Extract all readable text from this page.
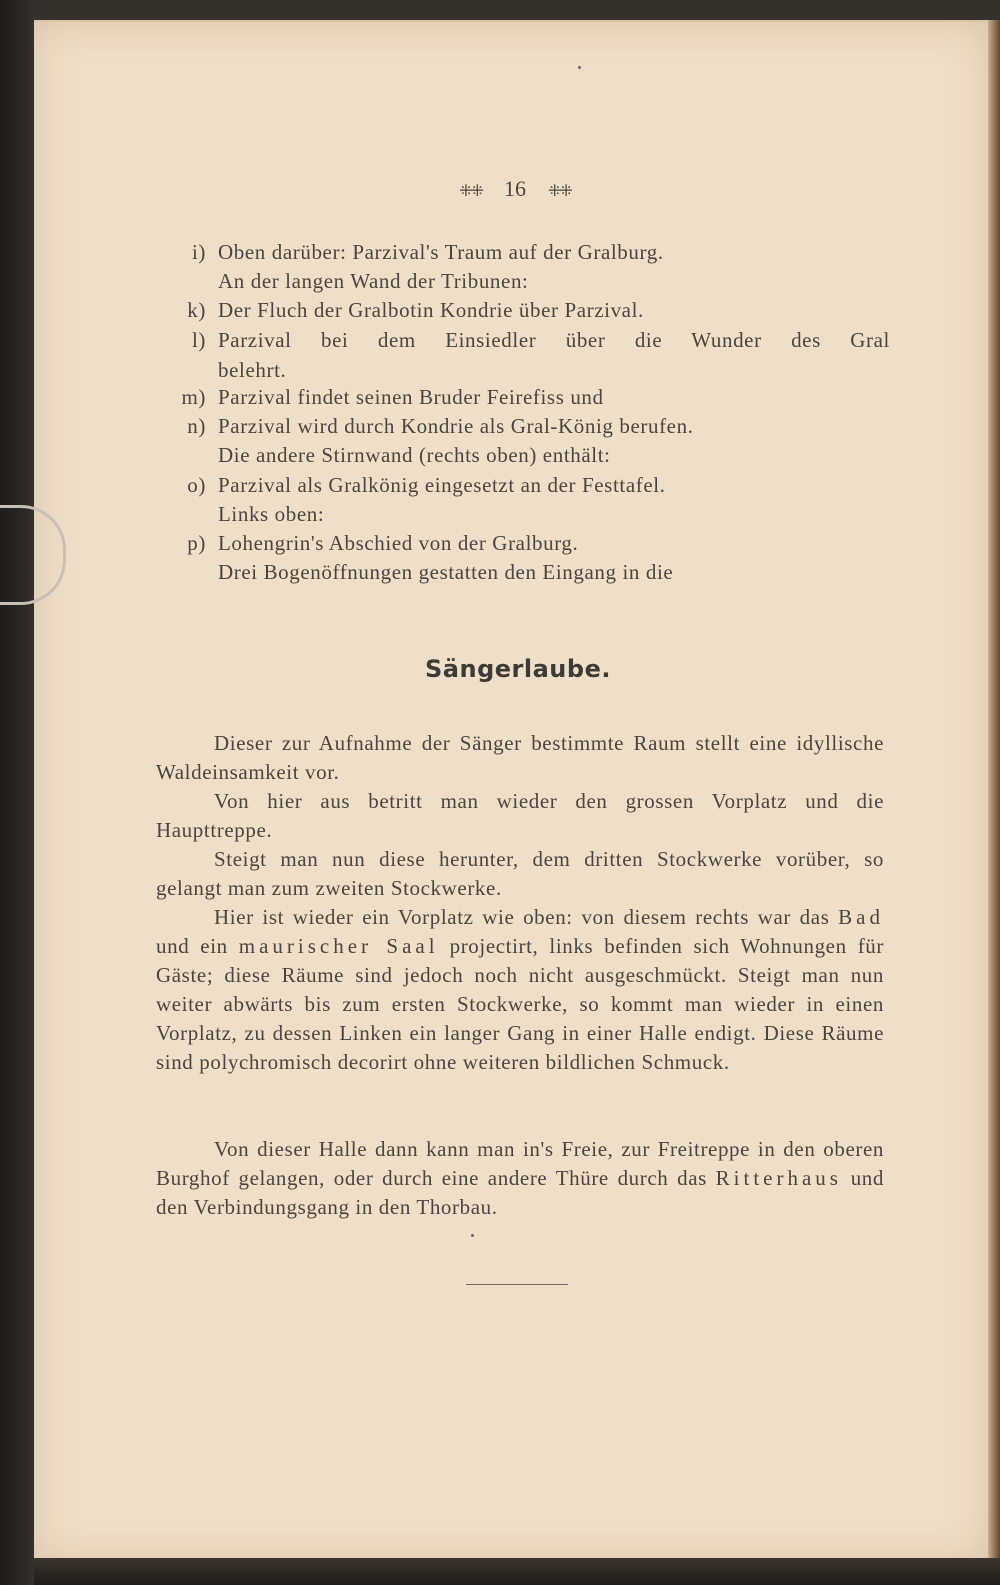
⁜⁜ 16 ⁜⁜
i) Oben darüber: Parzival's Traum auf der Gralburg.
An der langen Wand der Tribunen:
k) Der Fluch der Gralbotin Kondrie über Parzival.
l) Parzival bei dem Einsiedler über die Wunder des Gral
belehrt.
m) Parzival findet seinen Bruder Feirefiss und
n) Parzival wird durch Kondrie als Gral-König berufen.
Die andere Stirnwand (rechts oben) enthält:
o) Parzival als Gralkönig eingesetzt an der Festtafel.
Links oben:
p) Lohengrin's Abschied von der Gralburg.
Drei Bogenöffnungen gestatten den Eingang in die
Sängerlaube.
Dieser zur Aufnahme der Sänger bestimmte Raum stellt eine idyllische Waldeinsamkeit vor.
Von hier aus betritt man wieder den grossen Vorplatz und die Haupttreppe.
Steigt man nun diese herunter, dem dritten Stockwerke vorüber, so gelangt man zum zweiten Stockwerke.
Hier ist wieder ein Vorplatz wie oben: von diesem rechts war das Bad und ein maurischer Saal projectirt, links befinden sich Wohnungen für Gäste; diese Räume sind jedoch noch nicht ausgeschmückt. Steigt man nun weiter abwärts bis zum ersten Stockwerke, so kommt man wieder in einen Vorplatz, zu dessen Linken ein langer Gang in einer Halle endigt. Diese Räume sind polychromisch decorirt ohne weiteren bildlichen Schmuck.
Von dieser Halle dann kann man in's Freie, zur Freitreppe in den oberen Burghof gelangen, oder durch eine andere Thüre durch das Ritterhaus und den Verbindungsgang in den Thorbau.
